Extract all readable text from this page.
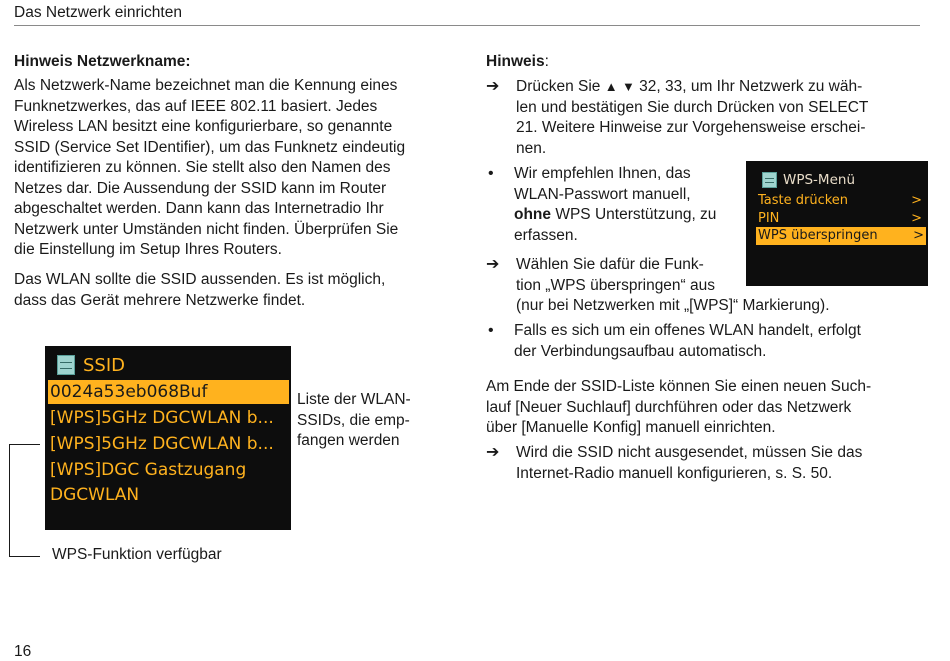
Das Netzwerk einrichten
Hinweis Netzwerkname:
Als Netzwerk-Name bezeichnet man die Kennung eines
Funknetzwerkes, das auf IEEE 802.11 basiert. Jedes
Wireless LAN besitzt eine konfigurierbare, so genannte
SSID (Service Set IDentifier), um das Funknetz eindeutig
identifizieren zu können. Sie stellt also den Namen des
Netzes dar. Die Aussendung der SSID kann im Router
abgeschaltet werden. Dann kann das Internetradio Ihr
Netzwerk unter Umständen nicht finden. Überprüfen Sie
die Einstellung im Setup Ihres Routers.
Das WLAN sollte die SSID aussenden. Es ist möglich,
dass das Gerät mehrere Netzwerke findet.
SSID
0024a53eb068Buf
[WPS]5GHz DGCWLAN b...
[WPS]5GHz DGCWLAN b...
[WPS]DGC Gastzugang
DGCWLAN
Liste der WLAN-
SSIDs, die emp-
fangen werden
WPS-Funktion verfügbar
Hinweis:
➔ Drücken Sie ▲ ▼ 32, 33, um Ihr Netzwerk zu wäh-
len und bestätigen Sie durch Drücken von SELECT
21. Weitere Hinweise zur Vorgehensweise erschei-
nen.
• Wir empfehlen Ihnen, das
WLAN-Passwort manuell,
ohne WPS Unterstützung, zu
erfassen.
WPS-Menü
Taste drücken	>
PIN	>
WPS überspringen	>
➔ Wählen Sie dafür die Funk-
tion „WPS überspringen“ aus
(nur bei Netzwerken mit „[WPS]“ Markierung).
• Falls es sich um ein offenes WLAN handelt, erfolgt
der Verbindungsaufbau automatisch.
Am Ende der SSID-Liste können Sie einen neuen Such-
lauf [Neuer Suchlauf] durchführen oder das Netzwerk
über [Manuelle Konfig] manuell einrichten.
➔ Wird die SSID nicht ausgesendet, müssen Sie das
Internet-Radio manuell konfigurieren, s. S. 50.
16
